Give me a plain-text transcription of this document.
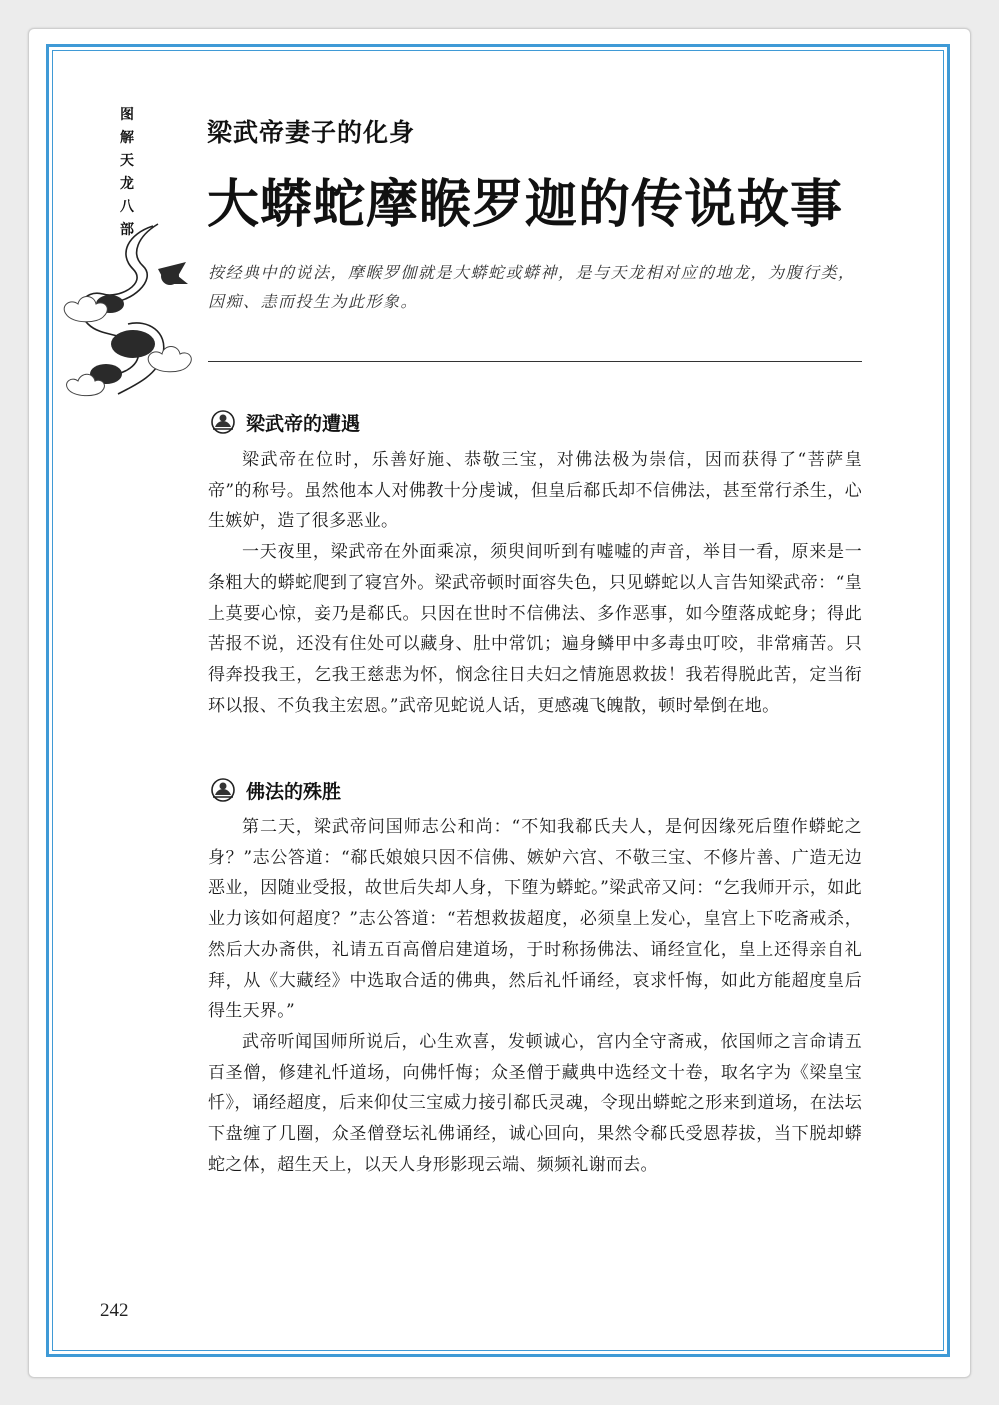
图
解
天
龙
八
部
梁武帝妻子的化身
大蟒蛇摩睺罗迦的传说故事
按经典中的说法，摩睺罗伽就是大蟒蛇或蟒神，是与天龙相对应的地龙，为腹行类，因痴、恚而投生为此形象。
梁武帝的遭遇

梁武帝在位时，乐善好施、恭敬三宝，对佛法极为崇信，因而获得了“菩萨皇帝”的称号。虽然他本人对佛教十分虔诚，但皇后郗氏却不信佛法，甚至常行杀生，心生嫉妒，造了很多恶业。

一天夜里，梁武帝在外面乘凉，须臾间听到有嘘嘘的声音，举目一看，原来是一条粗大的蟒蛇爬到了寝宫外。梁武帝顿时面容失色，只见蟒蛇以人言告知梁武帝：“皇上莫要心惊，妾乃是郗氏。只因在世时不信佛法、多作恶事，如今堕落成蛇身；得此苦报不说，还没有住处可以藏身、肚中常饥；遍身鳞甲中多毒虫叮咬，非常痛苦。只得奔投我王，乞我王慈悲为怀，悯念往日夫妇之情施恩救拔！我若得脱此苦，定当衔环以报、不负我主宏恩。”武帝见蛇说人话，更感魂飞魄散，顿时晕倒在地。

佛法的殊胜

第二天，梁武帝问国师志公和尚：“不知我郗氏夫人，是何因缘死后堕作蟒蛇之身？”志公答道：“郗氏娘娘只因不信佛、嫉妒六宫、不敬三宝、不修片善、广造无边恶业，因随业受报，故世后失却人身，下堕为蟒蛇。”梁武帝又问：“乞我师开示，如此业力该如何超度？”志公答道：“若想救拔超度，必须皇上发心，皇宫上下吃斋戒杀，然后大办斋供，礼请五百高僧启建道场，于时称扬佛法、诵经宣化，皇上还得亲自礼拜，从《大藏经》中选取合适的佛典，然后礼忏诵经，哀求忏悔，如此方能超度皇后得生天界。”

武帝听闻国师所说后，心生欢喜，发顿诚心，宫内全守斋戒，依国师之言命请五百圣僧，修建礼忏道场，向佛忏悔；众圣僧于藏典中选经文十卷，取名字为《梁皇宝忏》，诵经超度，后来仰仗三宝威力接引郗氏灵魂，令现出蟒蛇之形来到道场，在法坛下盘缠了几圈，众圣僧登坛礼佛诵经，诚心回向，果然令郗氏受恩荐拔，当下脱却蟒蛇之体，超生天上，以天人身形影现云端、频频礼谢而去。

242
